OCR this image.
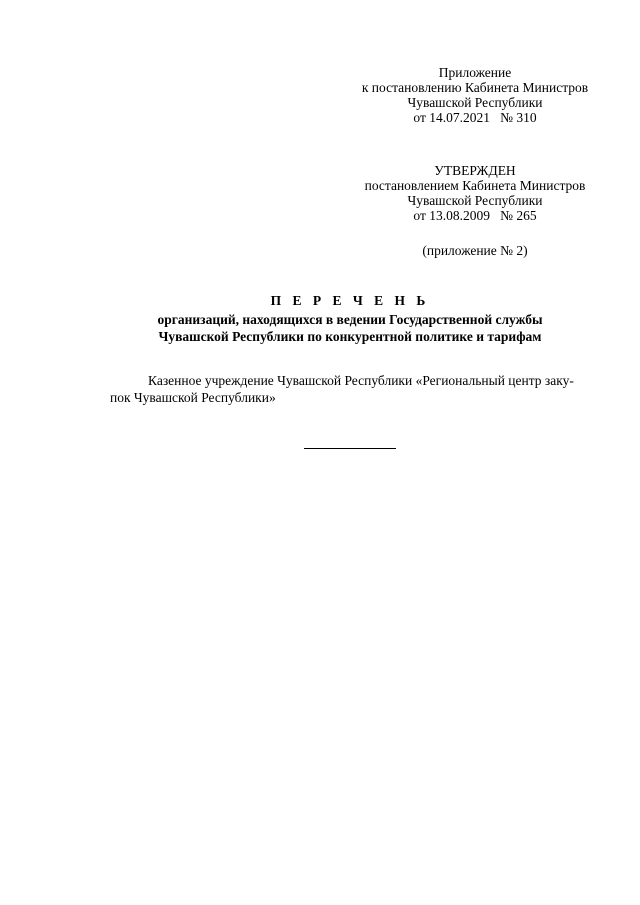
Приложение
к постановлению Кабинета Министров
Чувашской Республики
от 14.07.2021   № 310
УТВЕРЖДЕН
постановлением Кабинета Министров
Чувашской Республики
от 13.08.2009   № 265
(приложение № 2)
П Е Р Е Ч Е Н Ь
организаций, находящихся в ведении Государственной службы
Чувашской Республики по конкурентной политике и тарифам
Казенное учреждение Чувашской Республики «Региональный центр заку-
пок Чувашской Республики»
